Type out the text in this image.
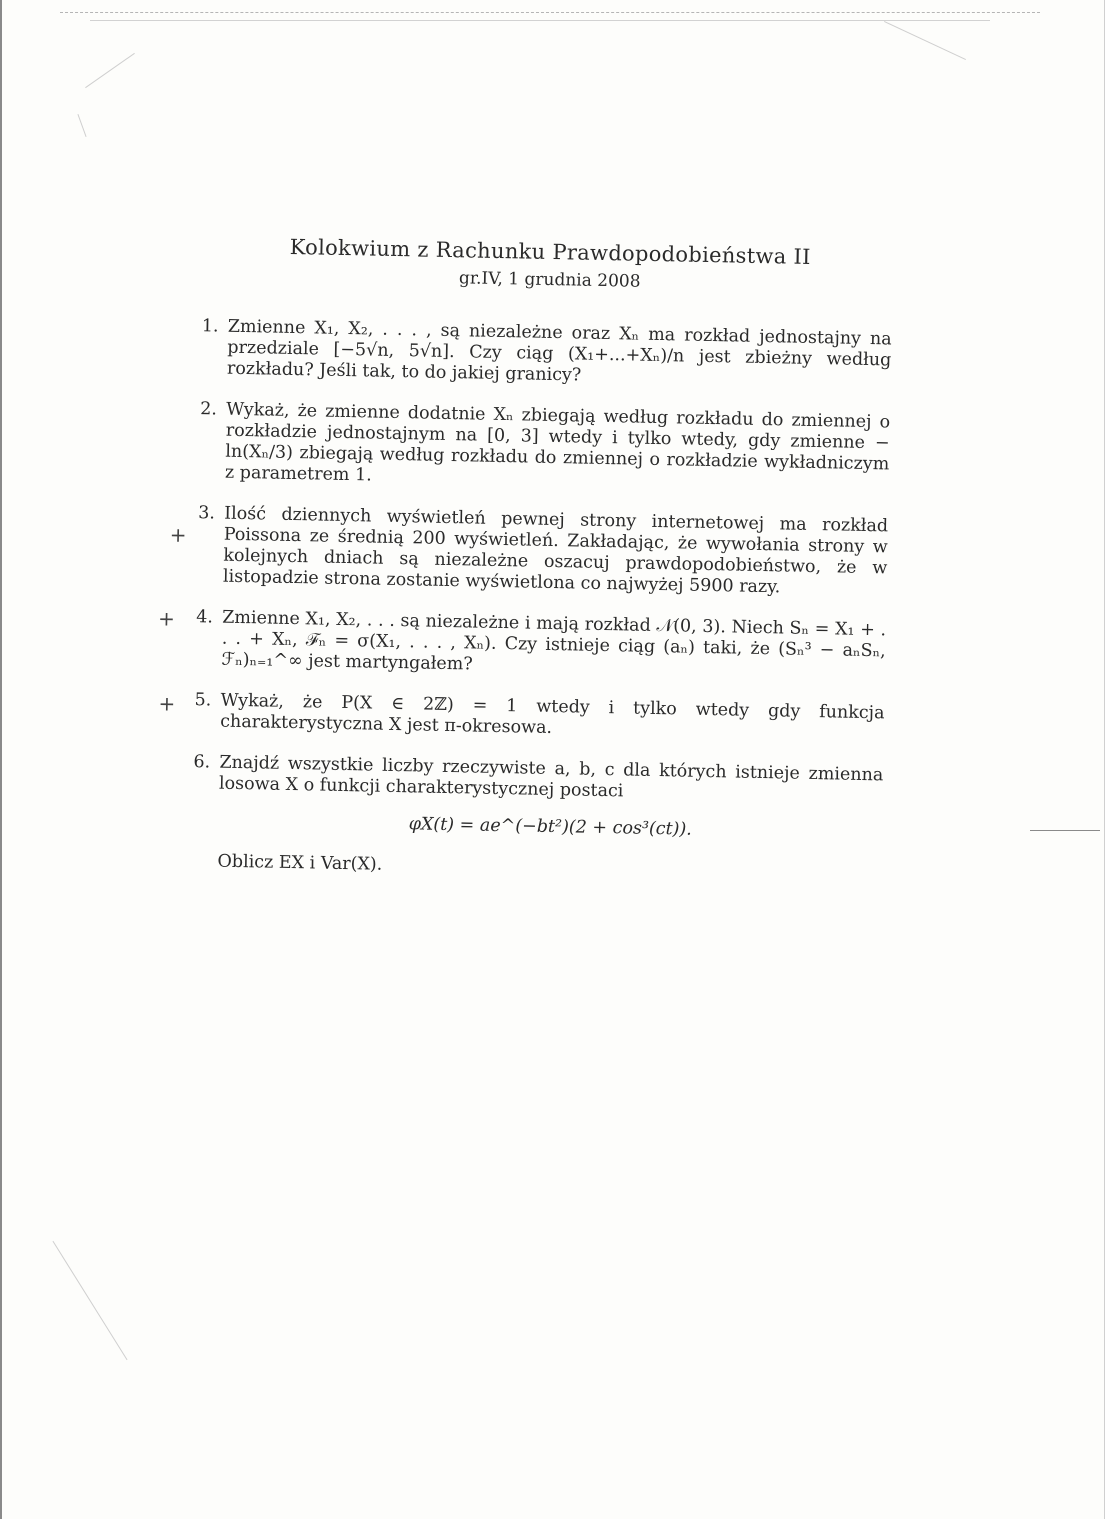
Kolokwium z Rachunku Prawdopodobieństwa II
gr.IV, 1 grudnia 2008
1. Zmienne X₁, X₂, . . . , są niezależne oraz Xₙ ma rozkład jednostajny na przedziale [−5√n, 5√n]. Czy ciąg (X₁+...+Xₙ)/n jest zbieżny według rozkładu? Jeśli tak, to do jakiej granicy?
2. Wykaż, że zmienne dodatnie Xₙ zbiegają według rozkładu do zmiennej o rozkładzie jednostajnym na [0, 3] wtedy i tylko wtedy, gdy zmienne − ln(Xₙ/3) zbiegają według rozkładu do zmiennej o rozkładzie wykładniczym z parametrem 1.
+
3. Ilość dziennych wyświetleń pewnej strony internetowej ma rozkład Poissona ze średnią 200 wyświetleń. Zakładając, że wywołania strony w kolejnych dniach są niezależne oszacuj prawdopodobieństwo, że w listopadzie strona zostanie wyświetlona co najwyżej 5900 razy.
+ 4. Zmienne X₁, X₂, . . . są niezależne i mają rozkład 𝒩(0, 3). Niech Sₙ = X₁ + . . . + Xₙ, ℱₙ = σ(X₁, . . . , Xₙ). Czy istnieje ciąg (aₙ) taki, że (Sₙ³ − aₙSₙ, ℱₙ)ₙ₌₁^∞ jest martyngałem?
+ 5. Wykaż, że P(X ∈ 2ℤ) = 1 wtedy i tylko wtedy gdy funkcja charakterystyczna X jest π-okresowa.
6. Znajdź wszystkie liczby rzeczywiste a, b, c dla których istnieje zmienna losowa X o funkcji charakterystycznej postaci
φX(t) = ae^(−bt²)(2 + cos³(ct)).
Oblicz EX i Var(X).
